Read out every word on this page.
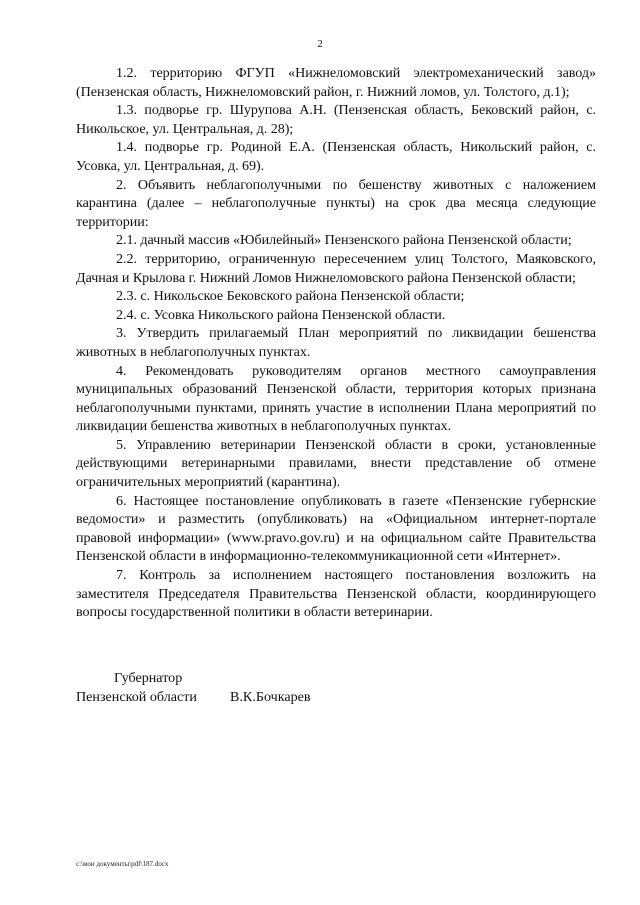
2

1.2. территорию ФГУП «Нижнеломовский электромеханический завод» (Пензенская область, Нижнеломовский район, г. Нижний ломов, ул. Толстого, д.1);

1.3. подворье гр. Шурупова А.Н. (Пензенская область, Бековский район, с. Никольское, ул. Центральная, д. 28);

1.4. подворье гр. Родиной Е.А. (Пензенская область, Никольский район, с. Усовка, ул. Центральная, д. 69).

2. Объявить неблагополучными по бешенству животных с наложением карантина (далее – неблагополучные пункты) на срок два месяца следующие территории:

2.1. дачный массив «Юбилейный» Пензенского района Пензенской области;

2.2. территорию, ограниченную пересечением улиц Толстого, Маяковского, Дачная и Крылова г. Нижний Ломов Нижнеломовского района Пензенской области;

2.3. с. Никольское Бековского района Пензенской области;

2.4. с. Усовка Никольского района Пензенской области.

3. Утвердить прилагаемый План мероприятий по ликвидации бешенства животных в неблагополучных пунктах.

4. Рекомендовать руководителям органов местного самоуправления муниципальных образований Пензенской области, территория которых признана неблагополучными пунктами, принять участие в исполнении Плана мероприятий по ликвидации бешенства животных в неблагополучных пунктах.

5. Управлению ветеринарии Пензенской области в сроки, установленные действующими ветеринарными правилами, внести представление об отмене ограничительных мероприятий (карантина).

6. Настоящее постановление опубликовать в газете «Пензенские губернские ведомости» и разместить (опубликовать) на «Официальном интернет-портале правовой информации» (www.pravo.gov.ru) и на официальном сайте Правительства Пензенской области в информационно-телекоммуникационной сети «Интернет».

7. Контроль за исполнением настоящего постановления возложить на заместителя Председателя Правительства Пензенской области, координирующего вопросы государственной политики в области ветеринарии.

Губернатор
Пензенской области В.К.Бочкарев
c:\мои документы\pdf\187.docx
